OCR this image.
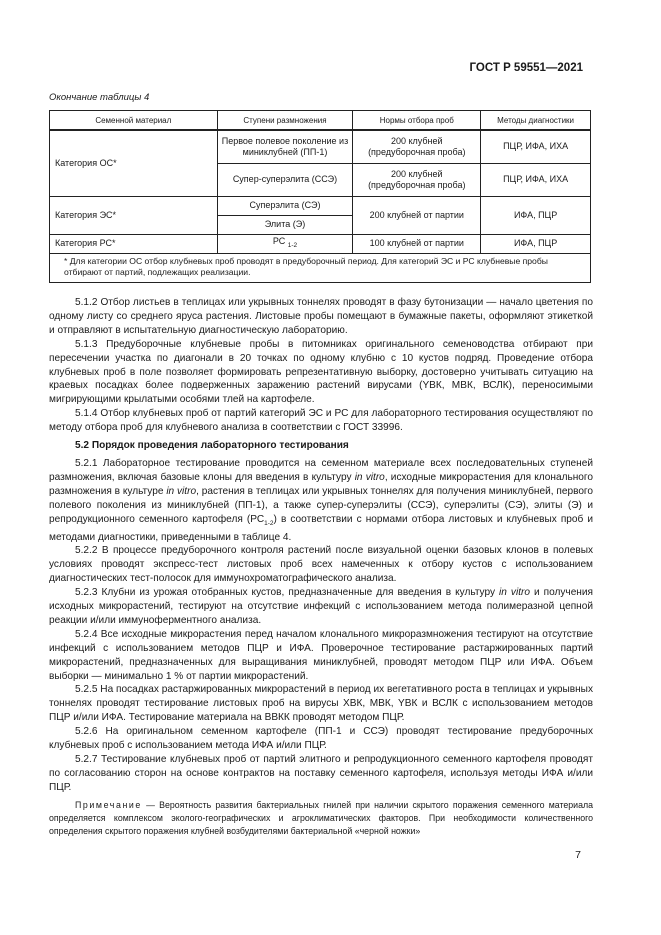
ГОСТ Р 59551—2021
Окончание таблицы 4
Семенной материал	Ступени размножения	Нормы отбора проб	Методы диагностики
Категория ОС*	Первое полевое поколение из миниклубней (ПП-1)	200 клубней (предуборочная проба)	ПЦР, ИФА, ИХА
	Супер-суперэлита (ССЭ)	200 клубней (предуборочная проба)	ПЦР, ИФА, ИХА
Категория ЭС*	Суперэлита (СЭ)	200 клубней от партии	ИФА, ПЦР
	Элита (Э)		
Категория РС*	РС $_{1-2}$	100 клубней от партии	ИФА, ПЦР
* Для категории ОС отбор клубневых проб проводят в предуборочный период. Для категорий ЭС и РС клубневые пробы отбирают от партий, подлежащих реализации.			

5.1.2 Отбор листьев в теплицах или укрывных тоннелях проводят в фазу бутонизации — начало цветения по одному листу со среднего яруса растения. Листовые пробы помещают в бумажные пакеты, оформляют этикеткой и отправляют в испытательную диагностическую лабораторию.

5.1.3 Предуборочные клубневые пробы в питомниках оригинального семеноводства отбирают при пересечении участка по диагонали в 20 точках по одному клубню с 10 кустов подряд. Проведение отбора клубневых проб в поле позволяет формировать репрезентативную выборку, достоверно учитывать ситуацию на краевых посадках более подверженных заражению растений вирусами (YВК, МВК, ВСЛК), переносимыми мигрирующими крылатыми особями тлей на картофеле.

5.1.4 Отбор клубневых проб от партий категорий ЭС и РС для лабораторного тестирования осуществляют по методу отбора проб для клубневого анализа в соответствии с ГОСТ 33996.

5.2 Порядок проведения лабораторного тестирования

5.2.1 Лабораторное тестирование проводится на семенном материале всех последовательных ступеней размножения, включая базовые клоны для введения в культуру in vitro, исходные микрорастения для клонального размножения в культуре in vitro, растения в теплицах или укрывных тоннелях для получения миниклубней, первого полевого поколения из миниклубней (ПП-1), а также супер-суперэлиты (ССЭ), суперэлиты (СЭ), элиты (Э) и репродукционного семенного картофеля $(РС_{1-2})$ в соответствии с нормами отбора листовых и клубневых проб и методами диагностики, приведенными в таблице 4.

5.2.2 В процессе предуборочного контроля растений после визуальной оценки базовых клонов в полевых условиях проводят экспресс-тест листовых проб всех намеченных к отбору кустов с использованием диагностических тест-полосок для иммунохроматографического анализа.

5.2.3 Клубни из урожая отобранных кустов, предназначенные для введения в культуру in vitro и получения исходных микрорастений, тестируют на отсутствие инфекций с использованием метода полимеразной цепной реакции и/или иммуноферментного анализа.

5.2.4 Все исходные микрорастения перед началом клонального микроразмножения тестируют на отсутствие инфекций с использованием методов ПЦР и ИФА. Проверочное тестирование растаржированных партий микрорастений, предназначенных для выращивания миниклубней, проводят методом ПЦР или ИФА. Объем выборки — минимально 1 % от партии микрорастений.

5.2.5 На посадках растаржированных микрорастений в период их вегетативного роста в теплицах и укрывных тоннелях проводят тестирование листовых проб на вирусы ХВК, МВК, YВК и ВСЛК с использованием методов ПЦР и/или ИФА. Тестирование материала на ВВКК проводят методом ПЦР.

5.2.6 На оригинальном семенном картофеле (ПП-1 и ССЭ) проводят тестирование предуборочных клубневых проб с использованием метода ИФА и/или ПЦР.

5.2.7 Тестирование клубневых проб от партий элитного и репродукционного семенного картофеля проводят по согласованию сторон на основе контрактов на поставку семенного картофеля, используя методы ИФА и/или ПЦР.

Примечание — Вероятность развития бактериальных гнилей при наличии скрытого поражения семенного материала определяется комплексом эколого-географических и агроклиматических факторов. При необходимости количественного определения скрытого поражения клубней возбудителями бактериальной «черной ножки»

7
